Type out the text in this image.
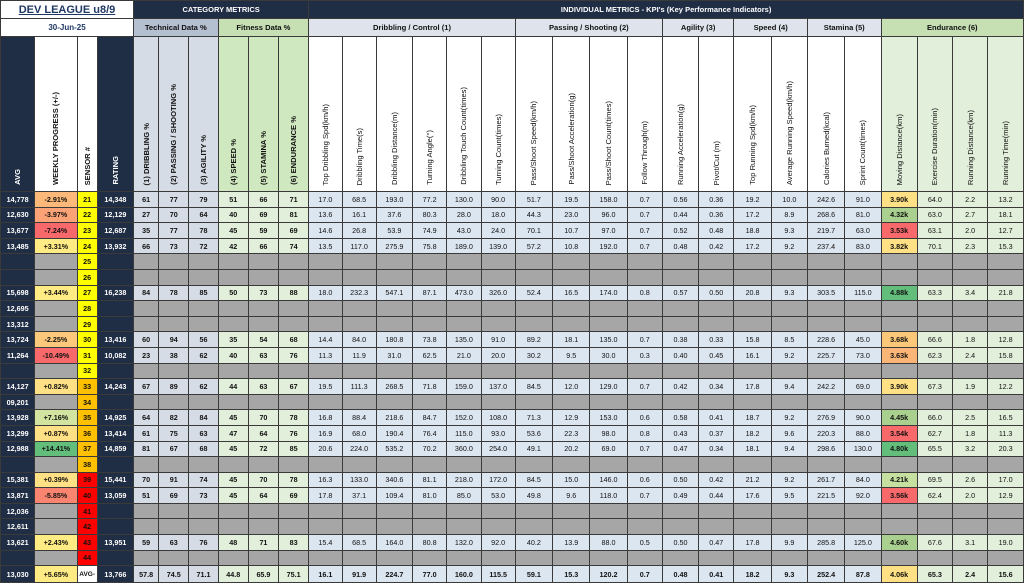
DEV LEAGUE u8/9				CATEGORY METRICS						INDIVIDUAL METRICS - KPI's (Key Performance Indicators)																			
30-Jun-25				Technical Data %			Fitness Data %			Dribbling / Control (1)						Passing / Shooting (2)				Agility (3)		Speed (4)		Stamina (5)		Endurance (6)			
AVG	WEEKLY PROGRESS (+/-)	SENSOR #	RATING	(1) DRIBBLING %	(2) PASSING / SHOOTING %	(3) AGILITY %	(4) SPEED %	(5) STAMINA %	(6) ENDURANCE %	Top Dribbling Spd(km/h)	Dribbling Time(s)	Dribbling Distance(m)	Turning Angle(°)	Dribbling Touch Count(times)	Turning Count(times)	Pass/Shoot Speed(km/h)	Pass/Shoot Acceleration(g)	Pass/Shoot Count(times)	Follow Through(m)	Running Acceleration(g)	Pivot/Cut (m)	Top Running Spd(km/h)	Average Running Speed(km/h)	Calories Burned(kcal)	Sprint Count(times)	Moving Distance(km)	Exercise Duration(min)	Running Distance(km)	Running Time(min)
14,778	-2.91%	21	14,348	61	77	79	51	66	71	17.0	68.5	193.0	77.2	130.0	90.0	51.7	19.5	158.0	0.7	0.56	0.36	19.2	10.0	242.6	91.0	3.90k	64.0	2.2	13.2
12,630	-3.97%	22	12,129	27	70	64	40	69	81	13.6	16.1	37.6	80.3	28.0	18.0	44.3	23.0	96.0	0.7	0.44	0.36	17.2	8.9	268.6	81.0	4.32k	63.0	2.7	18.1
13,677	-7.24%	23	12,687	35	77	78	45	59	69	14.6	26.8	53.9	74.9	43.0	24.0	70.1	10.7	97.0	0.7	0.52	0.48	18.8	9.3	219.7	63.0	3.53k	63.1	2.0	12.7
13,485	+3.31%	24	13,932	66	73	72	42	66	74	13.5	117.0	275.9	75.8	189.0	139.0	57.2	10.8	192.0	0.7	0.48	0.42	17.2	9.2	237.4	83.0	3.82k	70.1	2.3	15.3
		25																											
		26																											
15,698	+3.44%	27	16,238	84	78	85	50	73	88	18.0	232.3	547.1	87.1	473.0	326.0	52.4	16.5	174.0	0.8	0.57	0.50	20.8	9.3	303.5	115.0	4.88k	63.3	3.4	21.8
12,695		28																											
13,312		29																											
13,724	-2.25%	30	13,416	60	94	56	35	54	68	14.4	84.0	180.8	73.8	135.0	91.0	89.2	18.1	135.0	0.7	0.38	0.33	15.8	8.5	228.6	45.0	3.68k	66.6	1.8	12.8
11,264	-10.49%	31	10,082	23	38	62	40	63	76	11.3	11.9	31.0	62.5	21.0	20.0	30.2	9.5	30.0	0.3	0.40	0.45	16.1	9.2	225.7	73.0	3.63k	62.3	2.4	15.8
		32																											
14,127	+0.82%	33	14,243	67	89	62	44	63	67	19.5	111.3	268.5	71.8	159.0	137.0	84.5	12.0	129.0	0.7	0.42	0.34	17.8	9.4	242.2	69.0	3.90k	67.3	1.9	12.2
09,201		34																											
13,928	+7.16%	35	14,925	64	82	84	45	70	78	16.8	88.4	218.6	84.7	152.0	108.0	71.3	12.9	153.0	0.6	0.58	0.41	18.7	9.2	276.9	90.0	4.45k	66.0	2.5	16.5
13,299	+0.87%	36	13,414	61	75	63	47	64	76	16.9	68.0	190.4	76.4	115.0	93.0	53.6	22.3	98.0	0.8	0.43	0.37	18.2	9.6	220.3	88.0	3.54k	62.7	1.8	11.3
12,988	+14.41%	37	14,859	81	67	68	45	72	85	20.6	224.0	535.2	70.2	360.0	254.0	49.1	20.2	69.0	0.7	0.47	0.34	18.1	9.4	298.6	130.0	4.80k	65.5	3.2	20.3
		38																											
15,381	+0.39%	39	15,441	70	91	74	45	70	78	16.3	133.0	340.6	81.1	218.0	172.0	84.5	15.0	146.0	0.6	0.50	0.42	21.2	9.2	261.7	84.0	4.21k	69.5	2.6	17.0
13,871	-5.85%	40	13,059	51	69	73	45	64	69	17.8	37.1	109.4	81.0	85.0	53.0	49.8	9.6	118.0	0.7	0.49	0.44	17.6	9.5	221.5	92.0	3.56k	62.4	2.0	12.9
12,036		41																											
12,611		42																											
13,621	+2.43%	43	13,951	59	63	76	48	71	83	15.4	68.5	164.0	80.8	132.0	92.0	40.2	13.9	88.0	0.5	0.50	0.47	17.8	9.9	285.8	125.0	4.60k	67.6	3.1	19.0
		44																											
13,030	+5.65%	AVG-	13,766	57.8	74.5	71.1	44.8	65.9	75.1	16.1	91.9	224.7	77.0	160.0	115.5	59.1	15.3	120.2	0.7	0.48	0.41	18.2	9.3	252.4	87.8	4.06k	65.3	2.4	15.6
